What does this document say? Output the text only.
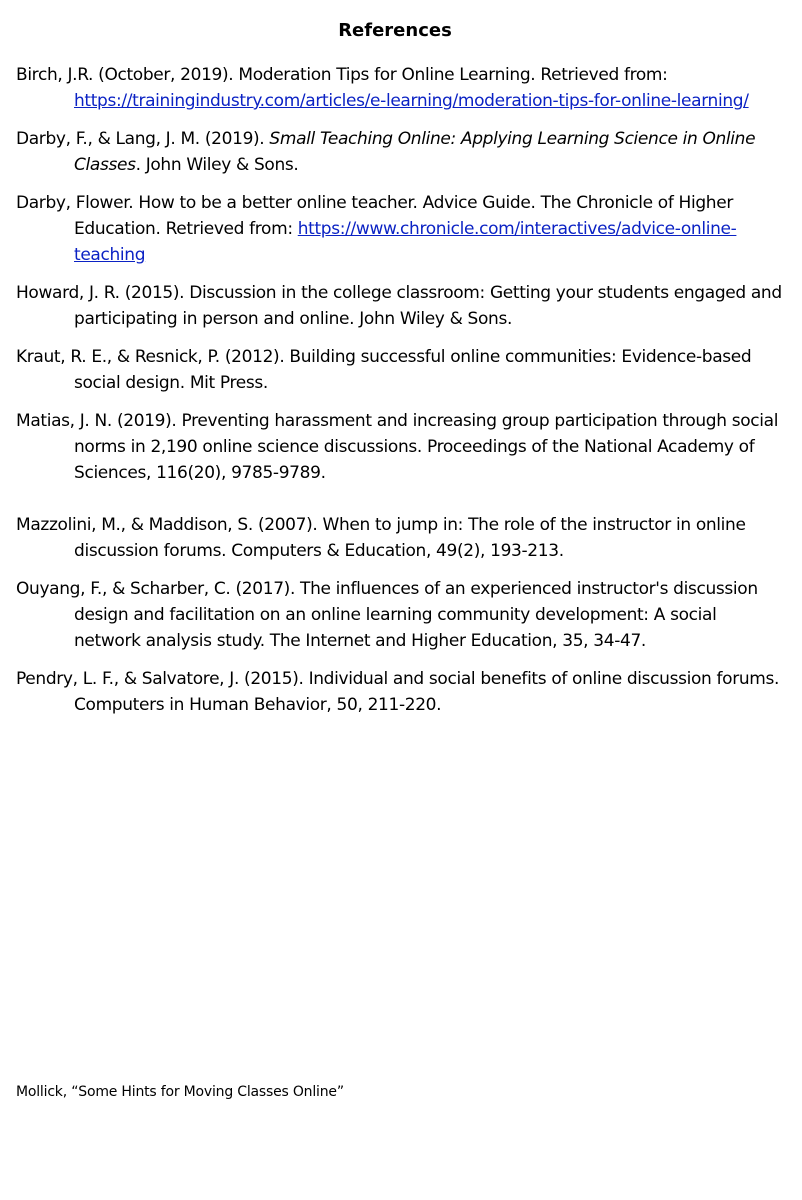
References

Birch, J.R. (October, 2019). Moderation Tips for Online Learning. Retrieved from: https://trainingindustry.com/articles/e-learning/moderation-tips-for-online-learning/

Darby, F., & Lang, J. M. (2019). Small Teaching Online: Applying Learning Science in Online Classes. John Wiley & Sons.

Darby, Flower. How to be a better online teacher. Advice Guide. The Chronicle of Higher Education. Retrieved from: https://www.chronicle.com/interactives/advice-online-teaching

Howard, J. R. (2015). Discussion in the college classroom: Getting your students engaged and participating in person and online. John Wiley & Sons.

Kraut, R. E., & Resnick, P. (2012). Building successful online communities: Evidence-based social design. Mit Press.

Matias, J. N. (2019). Preventing harassment and increasing group participation through social norms in 2,190 online science discussions. Proceedings of the National Academy of Sciences, 116(20), 9785-9789.

Mazzolini, M., & Maddison, S. (2007). When to jump in: The role of the instructor in online discussion forums. Computers & Education, 49(2), 193-213.

Ouyang, F., & Scharber, C. (2017). The influences of an experienced instructor's discussion design and facilitation on an online learning community development: A social network analysis study. The Internet and Higher Education, 35, 34-47.

Pendry, L. F., & Salvatore, J. (2015). Individual and social benefits of online discussion forums. Computers in Human Behavior, 50, 211-220.

Mollick, “Some Hints for Moving Classes Online”
